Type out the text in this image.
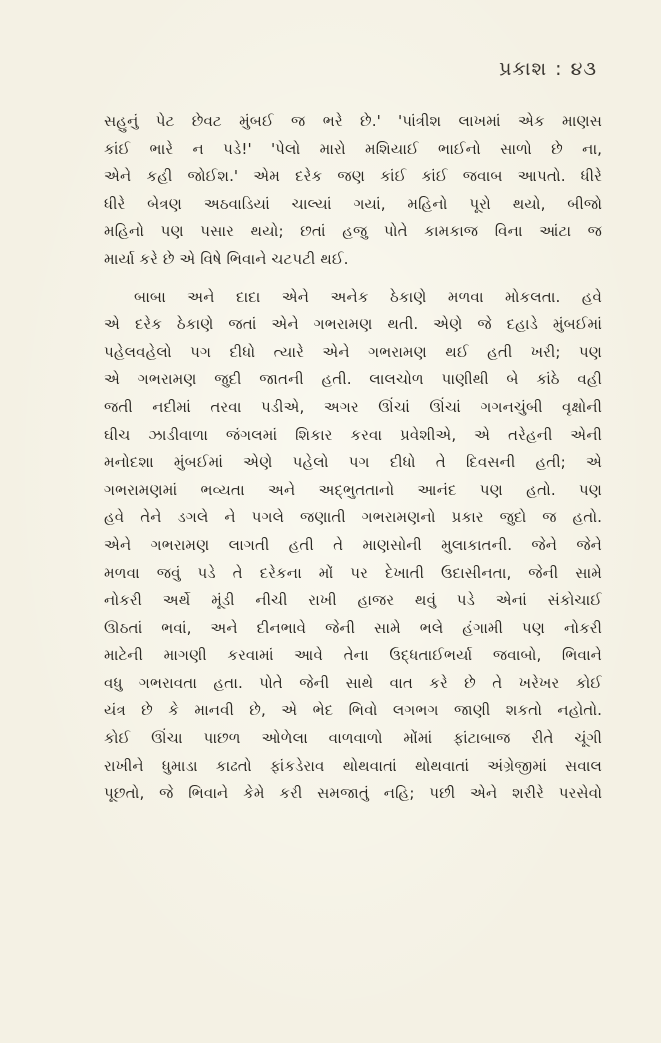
પ્રકાશ : ૪૩

સહુનું પેટ છેવટ મુંબઈ જ ભરે છે.' 'પાંત્રીશ લાખમાં એક માણસ
કાંઈ ભારે ન પડે!' 'પેલો મારો મશિયાઈ ભાઈનો સાળો છે ના,
એને કહી જોઈશ.' એમ દરેક જણ કાંઈ કાંઈ જવાબ આપતો. ધીરે
ધીરે બેત્રણ અઠવાડિયાં ચાલ્યાં ગયાં, મહિનો પૂરો થયો, બીજો
મહિનો પણ પસાર થયો; છતાં હજુ પોતે કામકાજ વિના આંટા જ
માર્યા કરે છે એ વિષે ભિવાને ચટપટી થઈ.

બાબા અને દાદા એને અનેક ઠેકાણે મળવા મોકલતા. હવે
એ દરેક ઠેકાણે જતાં એને ગભરામણ થતી. એણે જે દહાડે મુંબઈમાં
પહેલવહેલો પગ દીધો ત્યારે એને ગભરામણ થઈ હતી ખરી; પણ
એ ગભરામણ જુદી જાતની હતી. લાલચોળ પાણીથી બે કાંઠે વહી
જતી નદીમાં તરવા પડીએ, અગર ઊંચાં ઊંચાં ગગનચુંબી વૃક્ષોની
ઘીચ ઝાડીવાળા જંગલમાં શિકાર કરવા પ્રવેશીએ, એ તરેહની એની
મનોદશા મુંબઈમાં એણે પહેલો પગ દીધો તે દિવસની હતી; એ
ગભરામણમાં ભવ્યતા અને અદ્ભુતતાનો આનંદ પણ હતો. પણ
હવે તેને ડગલે ને પગલે જણાતી ગભરામણનો પ્રકાર જુદો જ હતો.
એને ગભરામણ લાગતી હતી તે માણસોની મુલાકાતની. જેને જેને
મળવા જવું પડે તે દરેકના મોં પર દેખાતી ઉદાસીનતા, જેની સામે
નોકરી અર્થે મૂંડી નીચી રાખી હાજર થવું પડે એનાં સંકોચાઈ
ઊઠતાં ભવાં, અને દીનભાવે જેની સામે ભલે હંગામી પણ નોકરી
માટેની માગણી કરવામાં આવે તેના ઉદ્ધતાઈભર્યા જવાબો, ભિવાને
વધુ ગભરાવતા હતા. પોતે જેની સાથે વાત કરે છે તે ખરેખર કોઈ
યંત્ર છે કે માનવી છે, એ ભેદ ભિવો લગભગ જાણી શકતો નહોતો.
કોઈ ઊંચા પાછળ ઓળેલા વાળવાળો મોંમાં ફાંટાબાજ રીતે ચૂંગી
રાખીને ધુમાડા કાઢતો ફાંકડેરાવ થોથવાતાં થોથવાતાં અંગ્રેજીમાં સવાલ
પૂછતો, જે ભિવાને કેમે કરી સમજાતું નહિ; પછી એને શરીરે પરસેવો
